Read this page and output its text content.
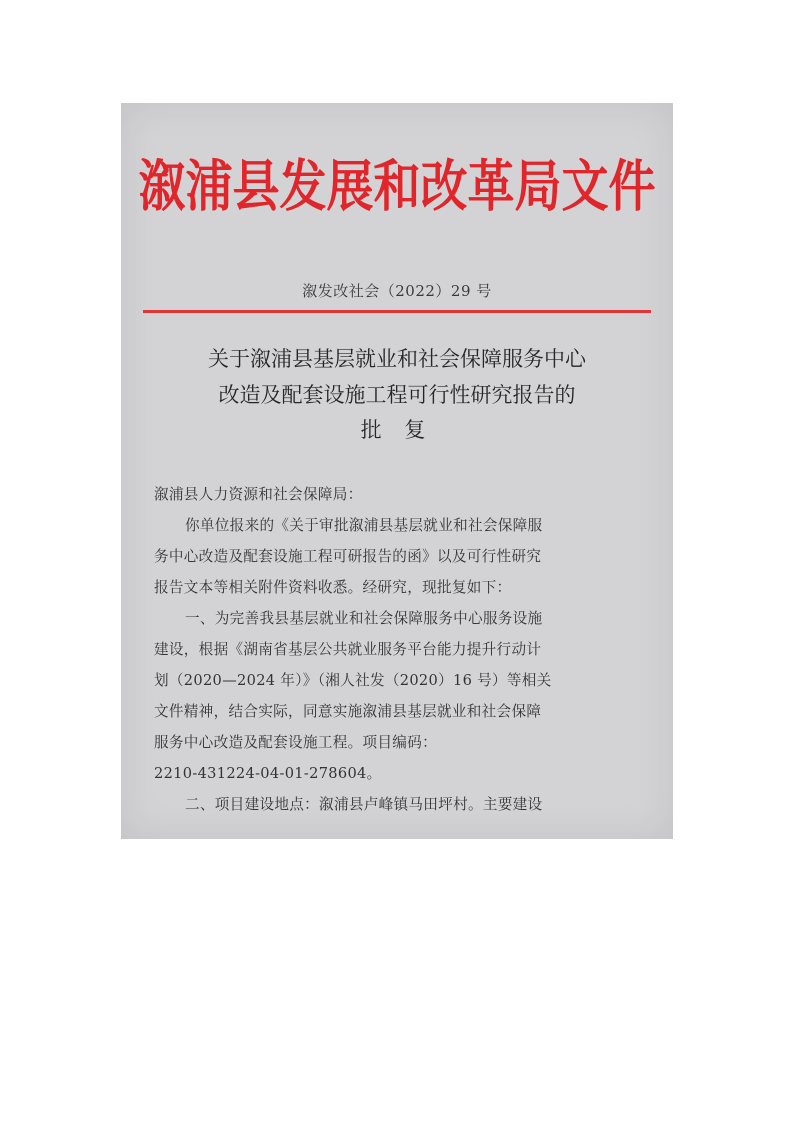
溆浦县发展和改革局文件
溆发改社会（2022）29 号
关于溆浦县基层就业和社会保障服务中心
改造及配套设施工程可行性研究报告的
批 复
溆浦县人力资源和社会保障局：
你单位报来的《关于审批溆浦县基层就业和社会保障服
务中心改造及配套设施工程可研报告的函》以及可行性研究
报告文本等相关附件资料收悉。经研究，现批复如下：
一、为完善我县基层就业和社会保障服务中心服务设施
建设，根据《湖南省基层公共就业服务平台能力提升行动计
划（2020—2024 年）》（湘人社发（2020）16 号）等相关
文件精神，结合实际，同意实施溆浦县基层就业和社会保障
服务中心改造及配套设施工程。项目编码：
2210-431224-04-01-278604。
二、项目建设地点：溆浦县卢峰镇马田坪村。主要建设
